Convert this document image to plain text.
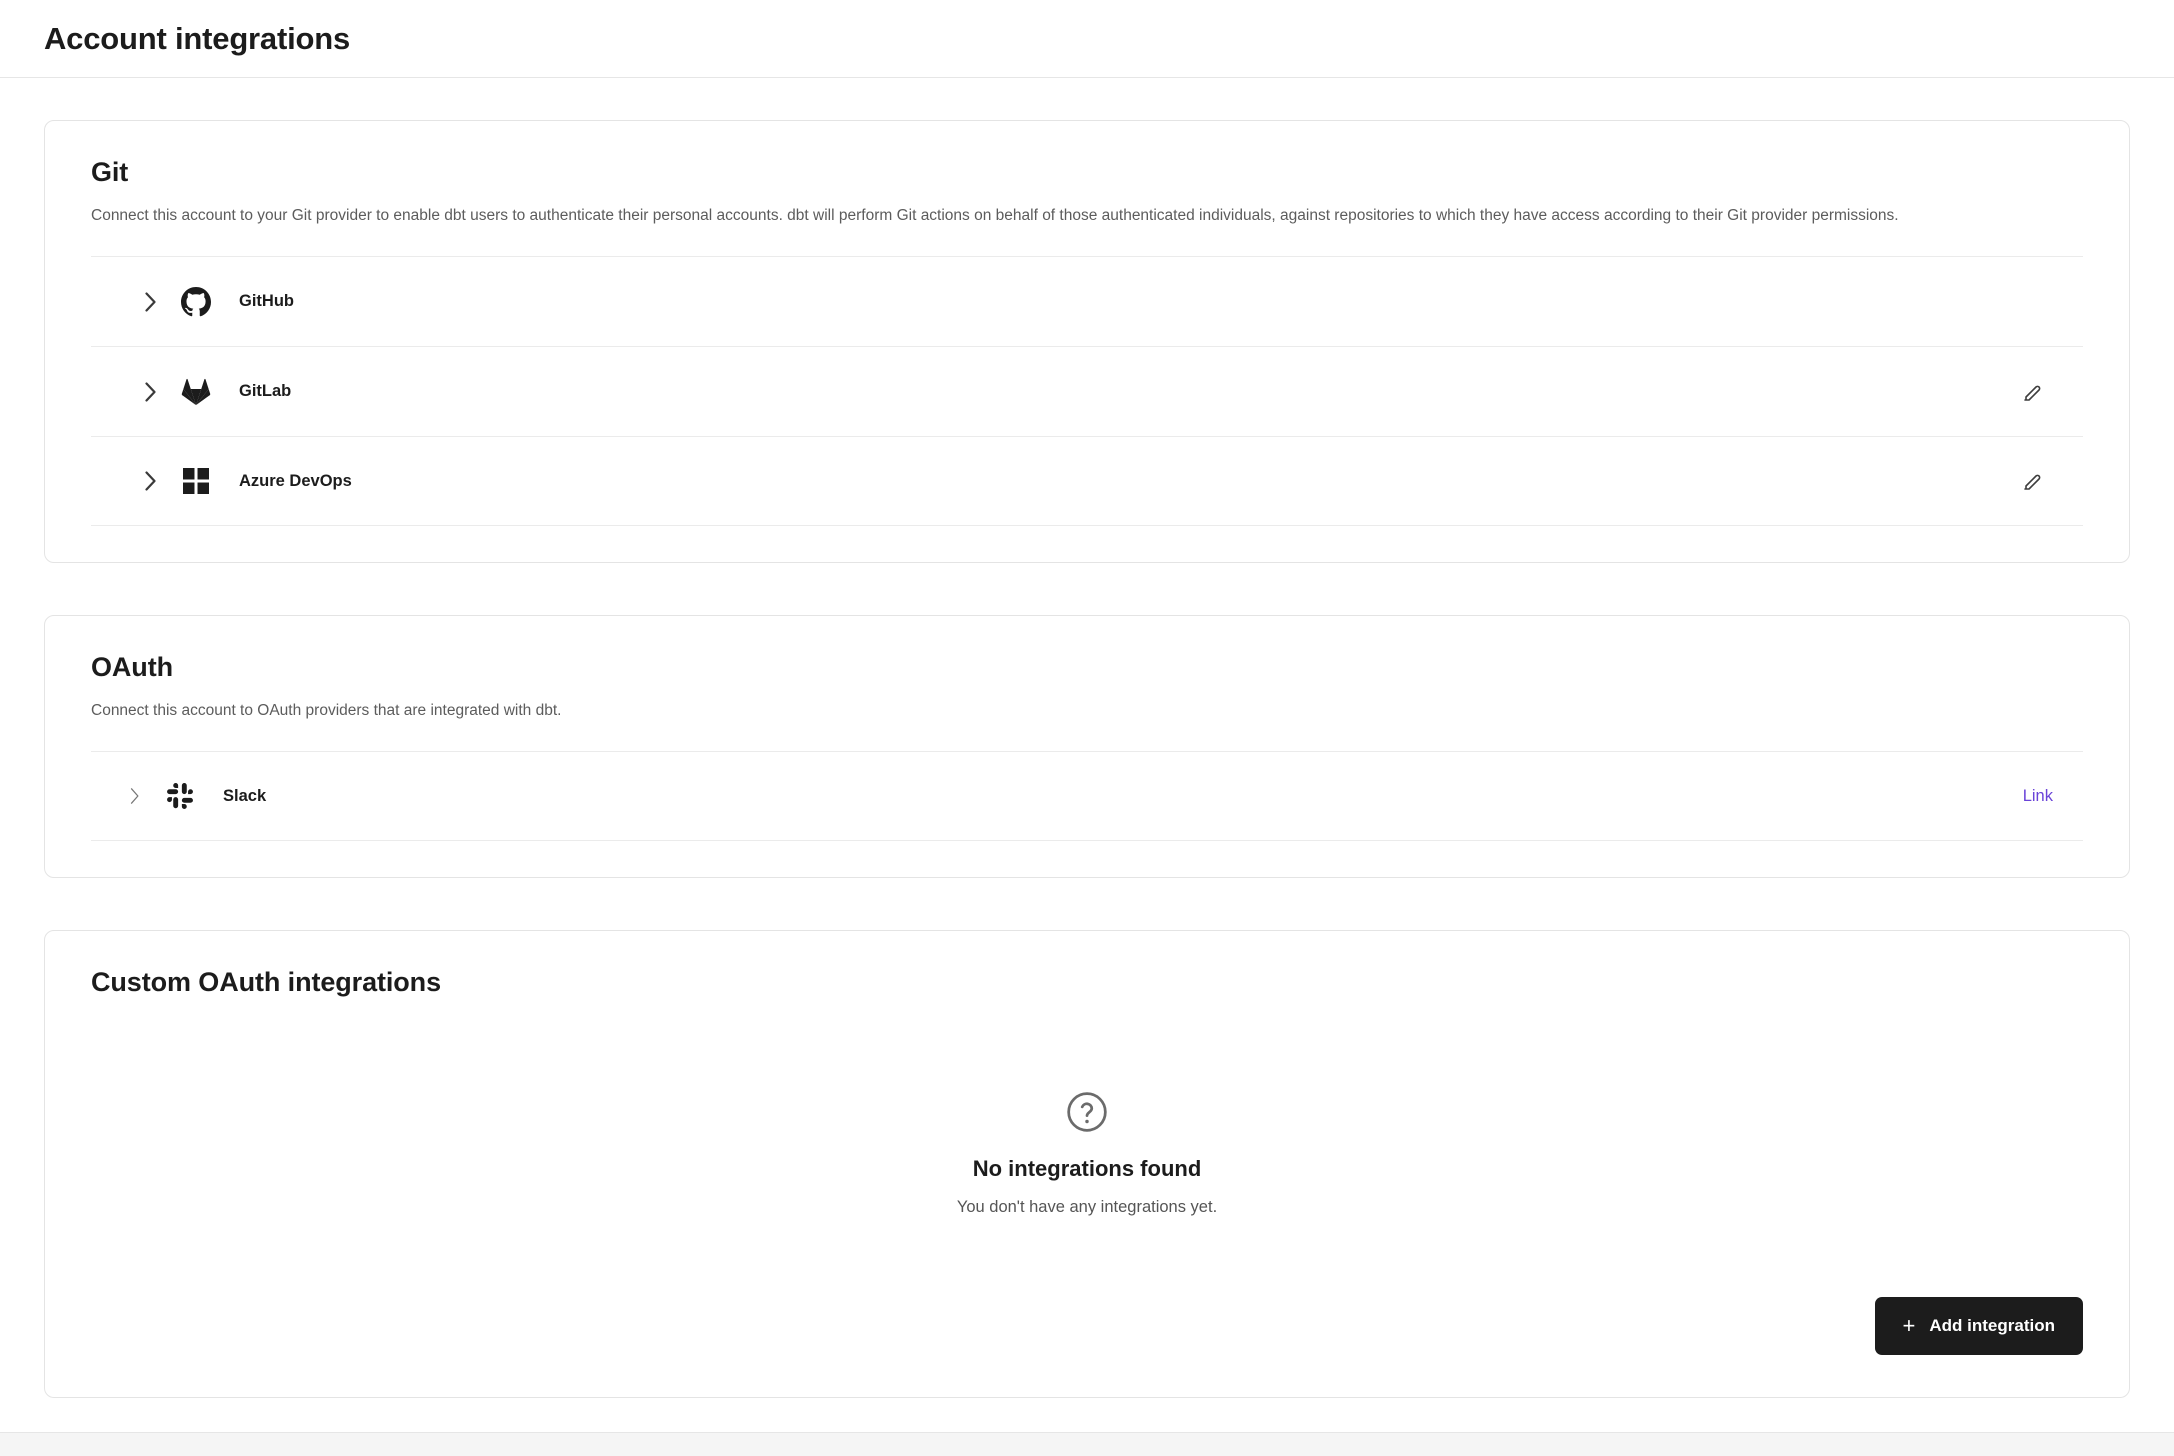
Account integrations
Git

Connect this account to your Git provider to enable dbt users to authenticate their personal accounts. dbt will perform Git actions on behalf of those authenticated individuals, against repositories to which they have access according to their Git provider permissions.

GitHub
GitLab
Azure DevOps
OAuth

Connect this account to OAuth providers that are integrated with dbt.

Slack	Link
Custom OAuth integrations
No integrations found
You don't have any integrations yet.
+ Add integration
